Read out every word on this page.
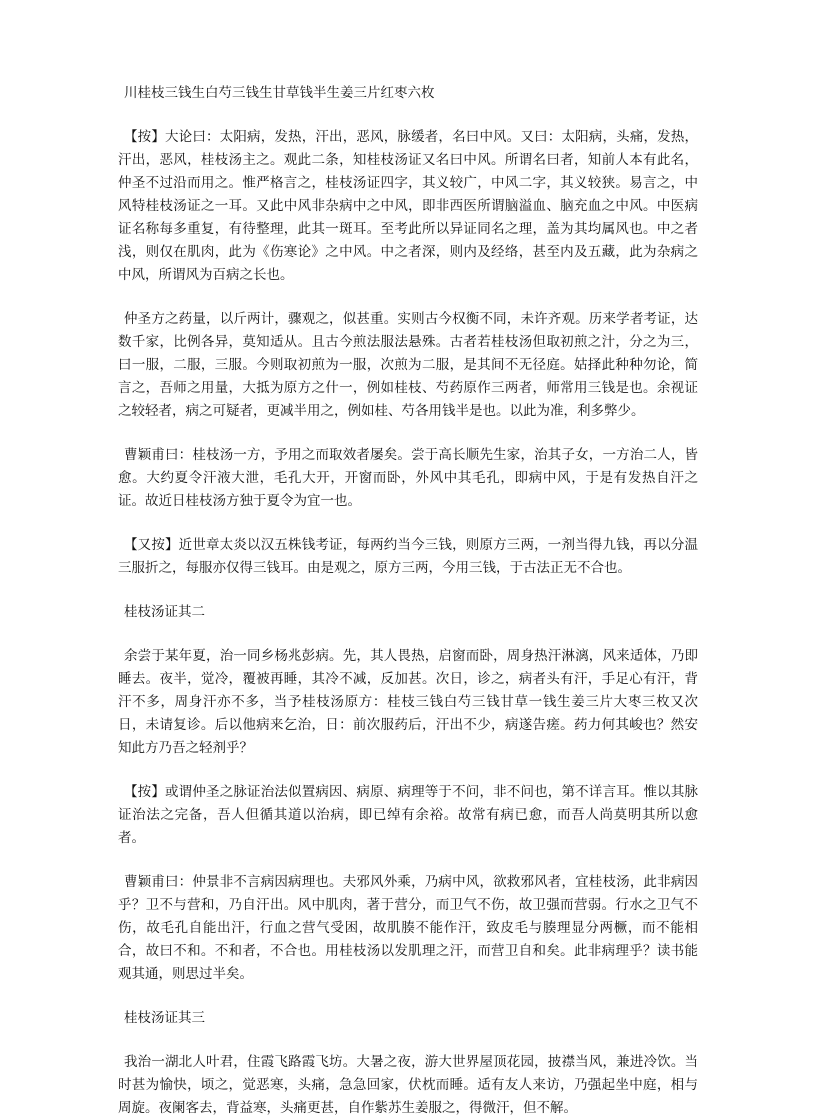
川桂枝三钱生白芍三钱生甘草钱半生姜三片红枣六枚

【按】大论曰：太阳病，发热，汗出，恶风，脉缓者，名曰中风。又曰：太阳病，头痛，发热，汗出，恶风，桂枝汤主之。观此二条，知桂枝汤证又名曰中风。所谓名曰者，知前人本有此名，仲圣不过沿而用之。惟严格言之，桂枝汤证四字，其义较广，中风二字，其义较狭。易言之，中风特桂枝汤证之一耳。又此中风非杂病中之中风，即非西医所谓脑溢血、脑充血之中风。中医病证名称每多重复，有待整理，此其一斑耳。至考此所以异证同名之理，盖为其均属风也。中之者浅，则仅在肌肉，此为《伤寒论》之中风。中之者深，则内及经络，甚至内及五藏，此为杂病之中风，所谓风为百病之长也。

仲圣方之药量，以斤两计，骤观之，似甚重。实则古今权衡不同，未许齐观。历来学者考证，达数千家，比例各异，莫知适从。且古今煎法服法悬殊。古者若桂枝汤但取初煎之汁，分之为三，曰一服，二服，三服。今则取初煎为一服，次煎为二服，是其间不无径庭。姑择此种种勿论，简言之，吾师之用量，大抵为原方之什一，例如桂枝、芍药原作三两者，师常用三钱是也。余视证之较轻者，病之可疑者，更减半用之，例如桂、芍各用钱半是也。以此为准，利多弊少。

曹颖甫曰：桂枝汤一方，予用之而取效者屡矣。尝于高长顺先生家，治其子女，一方治二人，皆愈。大约夏令汗液大泄，毛孔大开，开窗而卧，外风中其毛孔，即病中风，于是有发热自汗之证。故近日桂枝汤方独于夏令为宜一也。

【又按】近世章太炎以汉五株钱考证，每两约当今三钱，则原方三两，一剂当得九钱，再以分温三服折之，每服亦仅得三钱耳。由是观之，原方三两，今用三钱，于古法正无不合也。

桂枝汤证其二

余尝于某年夏，治一同乡杨兆彭病。先，其人畏热，启窗而卧，周身热汗淋漓，风来适体，乃即睡去。夜半，觉冷，覆被再睡，其冷不减，反加甚。次日，诊之，病者头有汗，手足心有汗，背汗不多，周身汗亦不多，当予桂枝汤原方：桂枝三钱白芍三钱甘草一钱生姜三片大枣三枚又次日，未请复诊。后以他病来乞治，日：前次服药后，汗出不少，病遂告瘥。药力何其峻也？然安知此方乃吾之轻剂乎？

【按】或谓仲圣之脉证治法似置病因、病原、病理等于不问，非不问也，第不详言耳。惟以其脉证治法之完备，吾人但循其道以治病，即已绰有余裕。故常有病已愈，而吾人尚莫明其所以愈者。

曹颖甫曰：仲景非不言病因病理也。夫邪风外乘，乃病中风，欲救邪风者，宜桂枝汤，此非病因乎？卫不与营和，乃自汗出。风中肌肉，著于营分，而卫气不伤，故卫强而营弱。行水之卫气不伤，故毛孔自能出汗，行血之营气受困，故肌腠不能作汗，致皮毛与腠理显分两橛，而不能相合，故曰不和。不和者，不合也。用桂枝汤以发肌理之汗，而营卫自和矣。此非病理乎？读书能观其通，则思过半矣。

桂枝汤证其三

我治一湖北人叶君，住霞飞路霞飞坊。大暑之夜，游大世界屋顶花园，披襟当风，兼进冷饮。当时甚为愉快，顷之，觉恶寒，头痛，急急回家，伏枕而睡。适有友人来访，乃强起坐中庭，相与周旋。夜阑客去，背益寒，头痛更甚，自作紫苏生姜服之，得微汗，但不解。
